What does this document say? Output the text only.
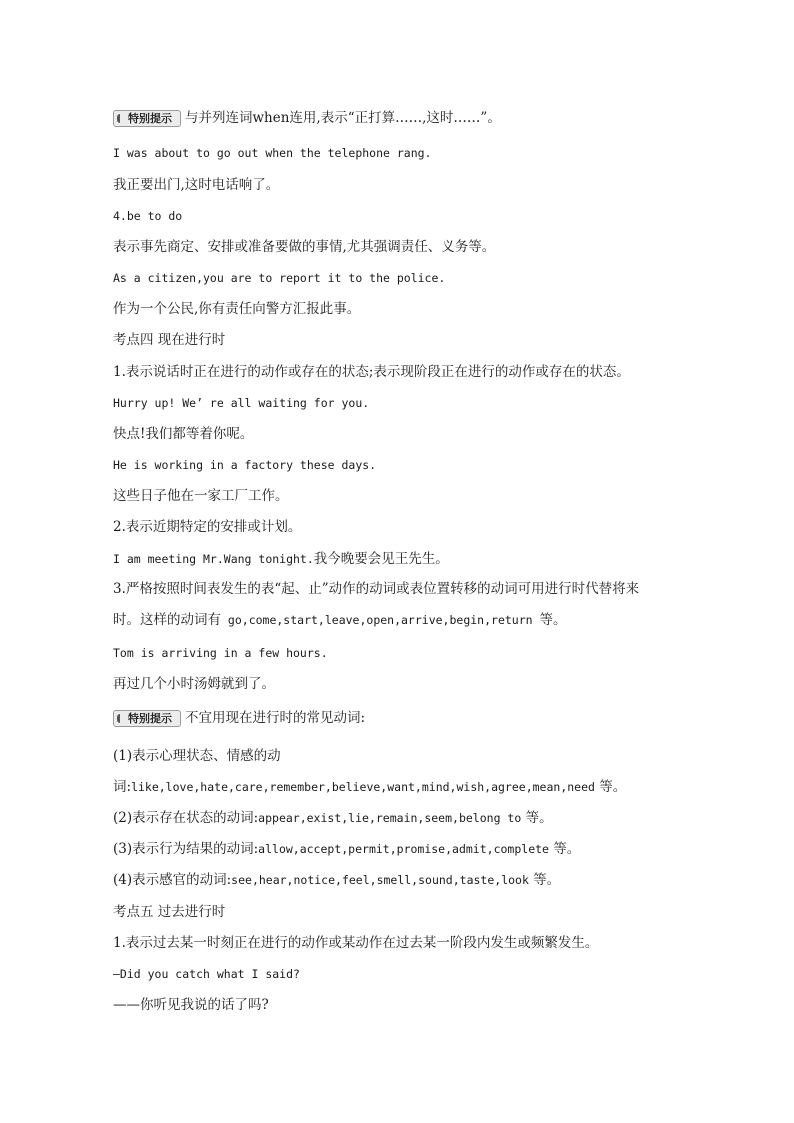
特别提示 与并列连词when连用,表示“正打算……,这时……”。
I was about to go out when the telephone rang.
我正要出门,这时电话响了。
4.be to do
表示事先商定、安排或准备要做的事情,尤其强调责任、义务等。
As a citizen,you are to report it to the police.
作为一个公民,你有责任向警方汇报此事。
考点四 现在进行时
1.表示说话时正在进行的动作或存在的状态;表示现阶段正在进行的动作或存在的状态。
Hurry up! We’ re all waiting for you.
快点!我们都等着你呢。
He is working in a factory these days.
这些日子他在一家工厂工作。
2.表示近期特定的安排或计划。
I am meeting Mr.Wang tonight.我今晚要会见王先生。
3.严格按照时间表发生的表“起、止”动作的动词或表位置转移的动词可用进行时代替将来
时。这样的动词有 go,come,start,leave,open,arrive,begin,return 等。
Tom is arriving in a few hours.
再过几个小时汤姆就到了。
特别提示 不宜用现在进行时的常见动词:
(1)表示心理状态、情感的动
词:like,love,hate,care,remember,believe,want,mind,wish,agree,mean,need 等。
(2)表示存在状态的动词:appear,exist,lie,remain,seem,belong to 等。
(3)表示行为结果的动词:allow,accept,permit,promise,admit,complete 等。
(4)表示感官的动词:see,hear,notice,feel,smell,sound,taste,look 等。
考点五 过去进行时
1.表示过去某一时刻正在进行的动作或某动作在过去某一阶段内发生或频繁发生。
—Did you catch what I said?
——你听见我说的话了吗?
